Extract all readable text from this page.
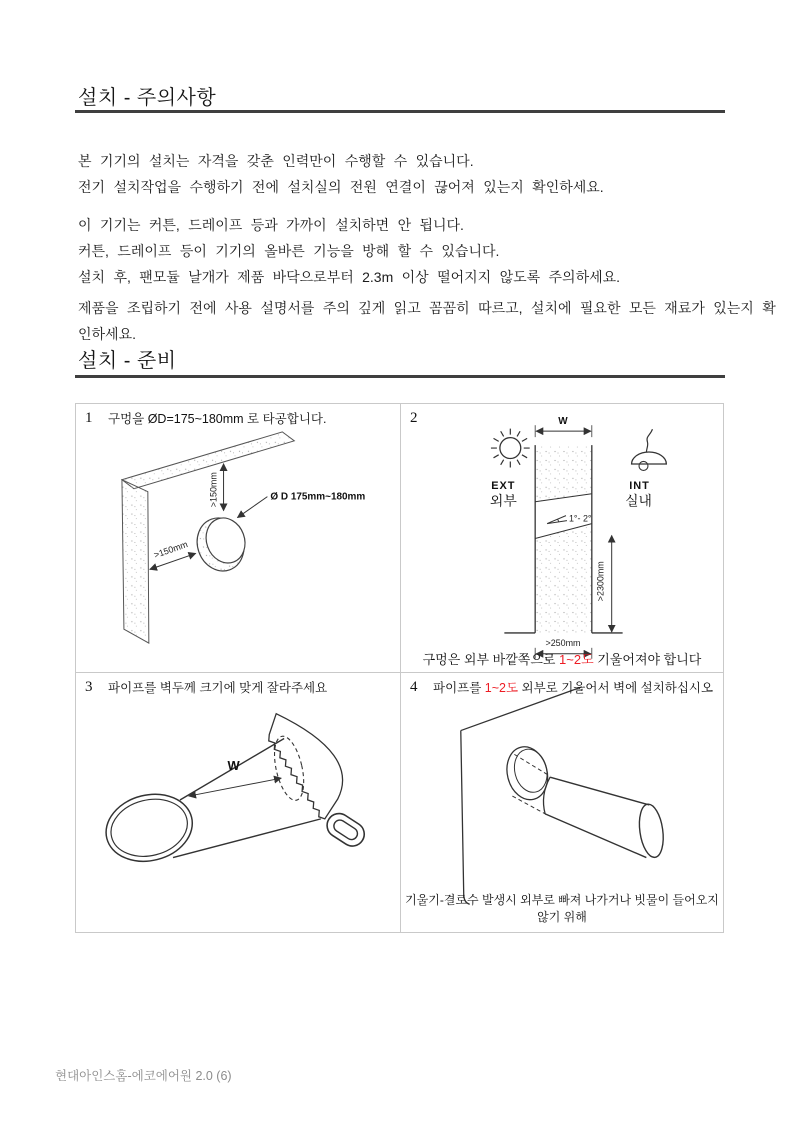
설치 - 주의사항
본 기기의 설치는 자격을 갖춘 인력만이 수행할 수 있습니다.
전기 설치작업을 수행하기 전에 설치실의 전원 연결이 끊어져 있는지 확인하세요.
이 기기는 커튼, 드레이프 등과 가까이 설치하면 안 됩니다.
커튼, 드레이프 등이 기기의 올바른 기능을 방해 할 수 있습니다.
설치 후, 팬모듈 날개가 제품 바닥으로부터 2.3m 이상 떨어지지 않도록 주의하세요.
제품을 조립하기 전에 사용 설명서를 주의 깊게 읽고 꼼꼼히 따르고, 설치에 필요한 모든 재료가 있는지 확
인하세요.
설치 - 준비
1	구멍을 ØD=175~180mm 로 타공합니다.
>150mm
>150mm
Ø D 175mm~180mm
2	W
EXT
외부
INT
실내
1°- 2°
>2300mm
>250mm
구멍은 외부 바깥쪽으로 1~2도 기울어져야 합니다
3	파이프를 벽두께 크기에 맞게 잘라주세요
W
4	파이프를 1~2도 외부로 기울어서 벽에 설치하십시오
기울기-결로수 발생시 외부로 빠져 나가거나 빗물이 들어오지 않기 위해
현대아인스홈-에코에어원 2.0 (6)
